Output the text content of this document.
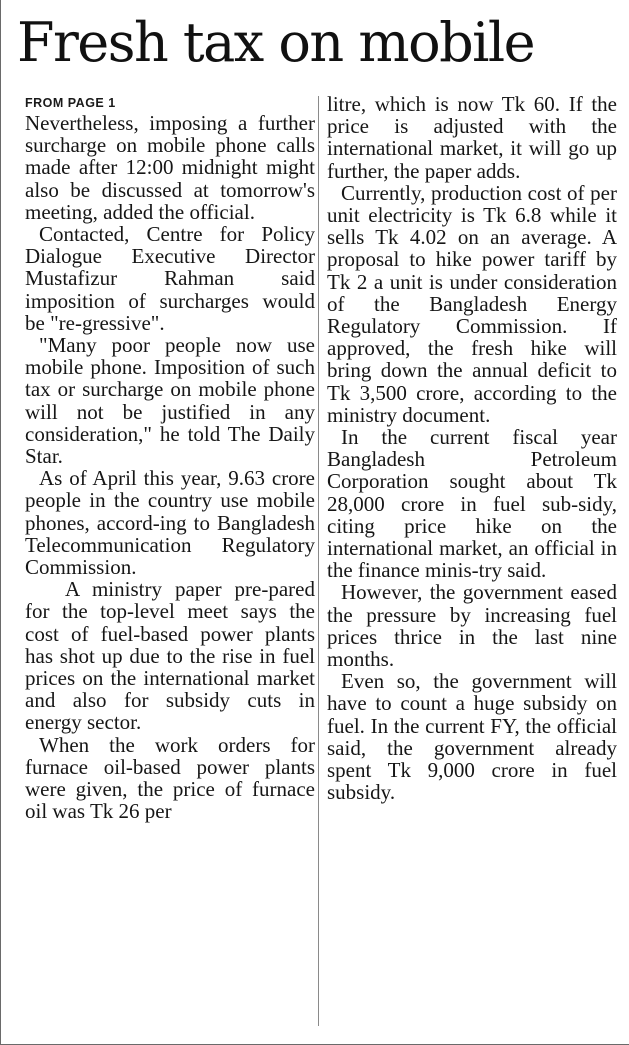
Fresh tax on mobile
FROM PAGE 1

Nevertheless, imposing a further surcharge on mobile phone calls made after 12:00 midnight might also be discussed at tomorrow's meeting, added the official.

Contacted, Centre for Policy Dialogue Executive Director Mustafizur Rahman said imposition of surcharges would be "re-gressive".

"Many poor people now use mobile phone. Imposition of such tax or surcharge on mobile phone will not be justified in any consideration," he told The Daily Star.

As of April this year, 9.63 crore people in the country use mobile phones, accord-ing to Bangladesh Telecommunication Regulatory Commission.

A ministry paper pre-pared for the top-level meet says the cost of fuel-based power plants has shot up due to the rise in fuel prices on the international market and also for subsidy cuts in energy sector.

When the work orders for furnace oil-based power plants were given, the price of furnace oil was Tk 26 per

litre, which is now Tk 60. If the price is adjusted with the international market, it will go up further, the paper adds.

Currently, production cost of per unit electricity is Tk 6.8 while it sells Tk 4.02 on an average. A proposal to hike power tariff by Tk 2 a unit is under consideration of the Bangladesh Energy Regulatory Commission. If approved, the fresh hike will bring down the annual deficit to Tk 3,500 crore, according to the ministry document.

In the current fiscal year Bangladesh Petroleum Corporation sought about Tk 28,000 crore in fuel sub-sidy, citing price hike on the international market, an official in the finance minis-try said.

However, the government eased the pressure by increasing fuel prices thrice in the last nine months.

Even so, the government will have to count a huge subsidy on fuel. In the current FY, the official said, the government already spent Tk 9,000 crore in fuel subsidy.
